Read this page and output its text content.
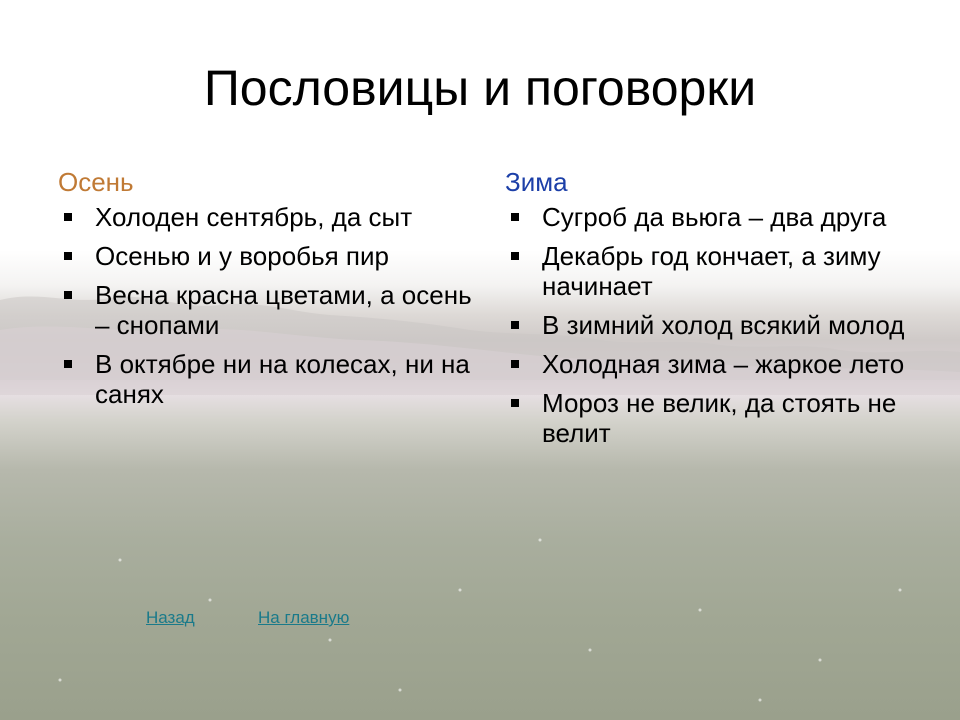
Пословицы и поговорки
Осень
Холоден сентябрь, да сыт
Осенью и у воробья пир
Весна красна цветами, а осень – снопами
В октябре ни на колесах, ни на санях
Зима
Сугроб да вьюга – два друга
Декабрь год кончает, а зиму начинает
В зимний холод всякий молод
Холодная зима – жаркое лето
Мороз не велик, да стоять не велит
Назад	На главную
